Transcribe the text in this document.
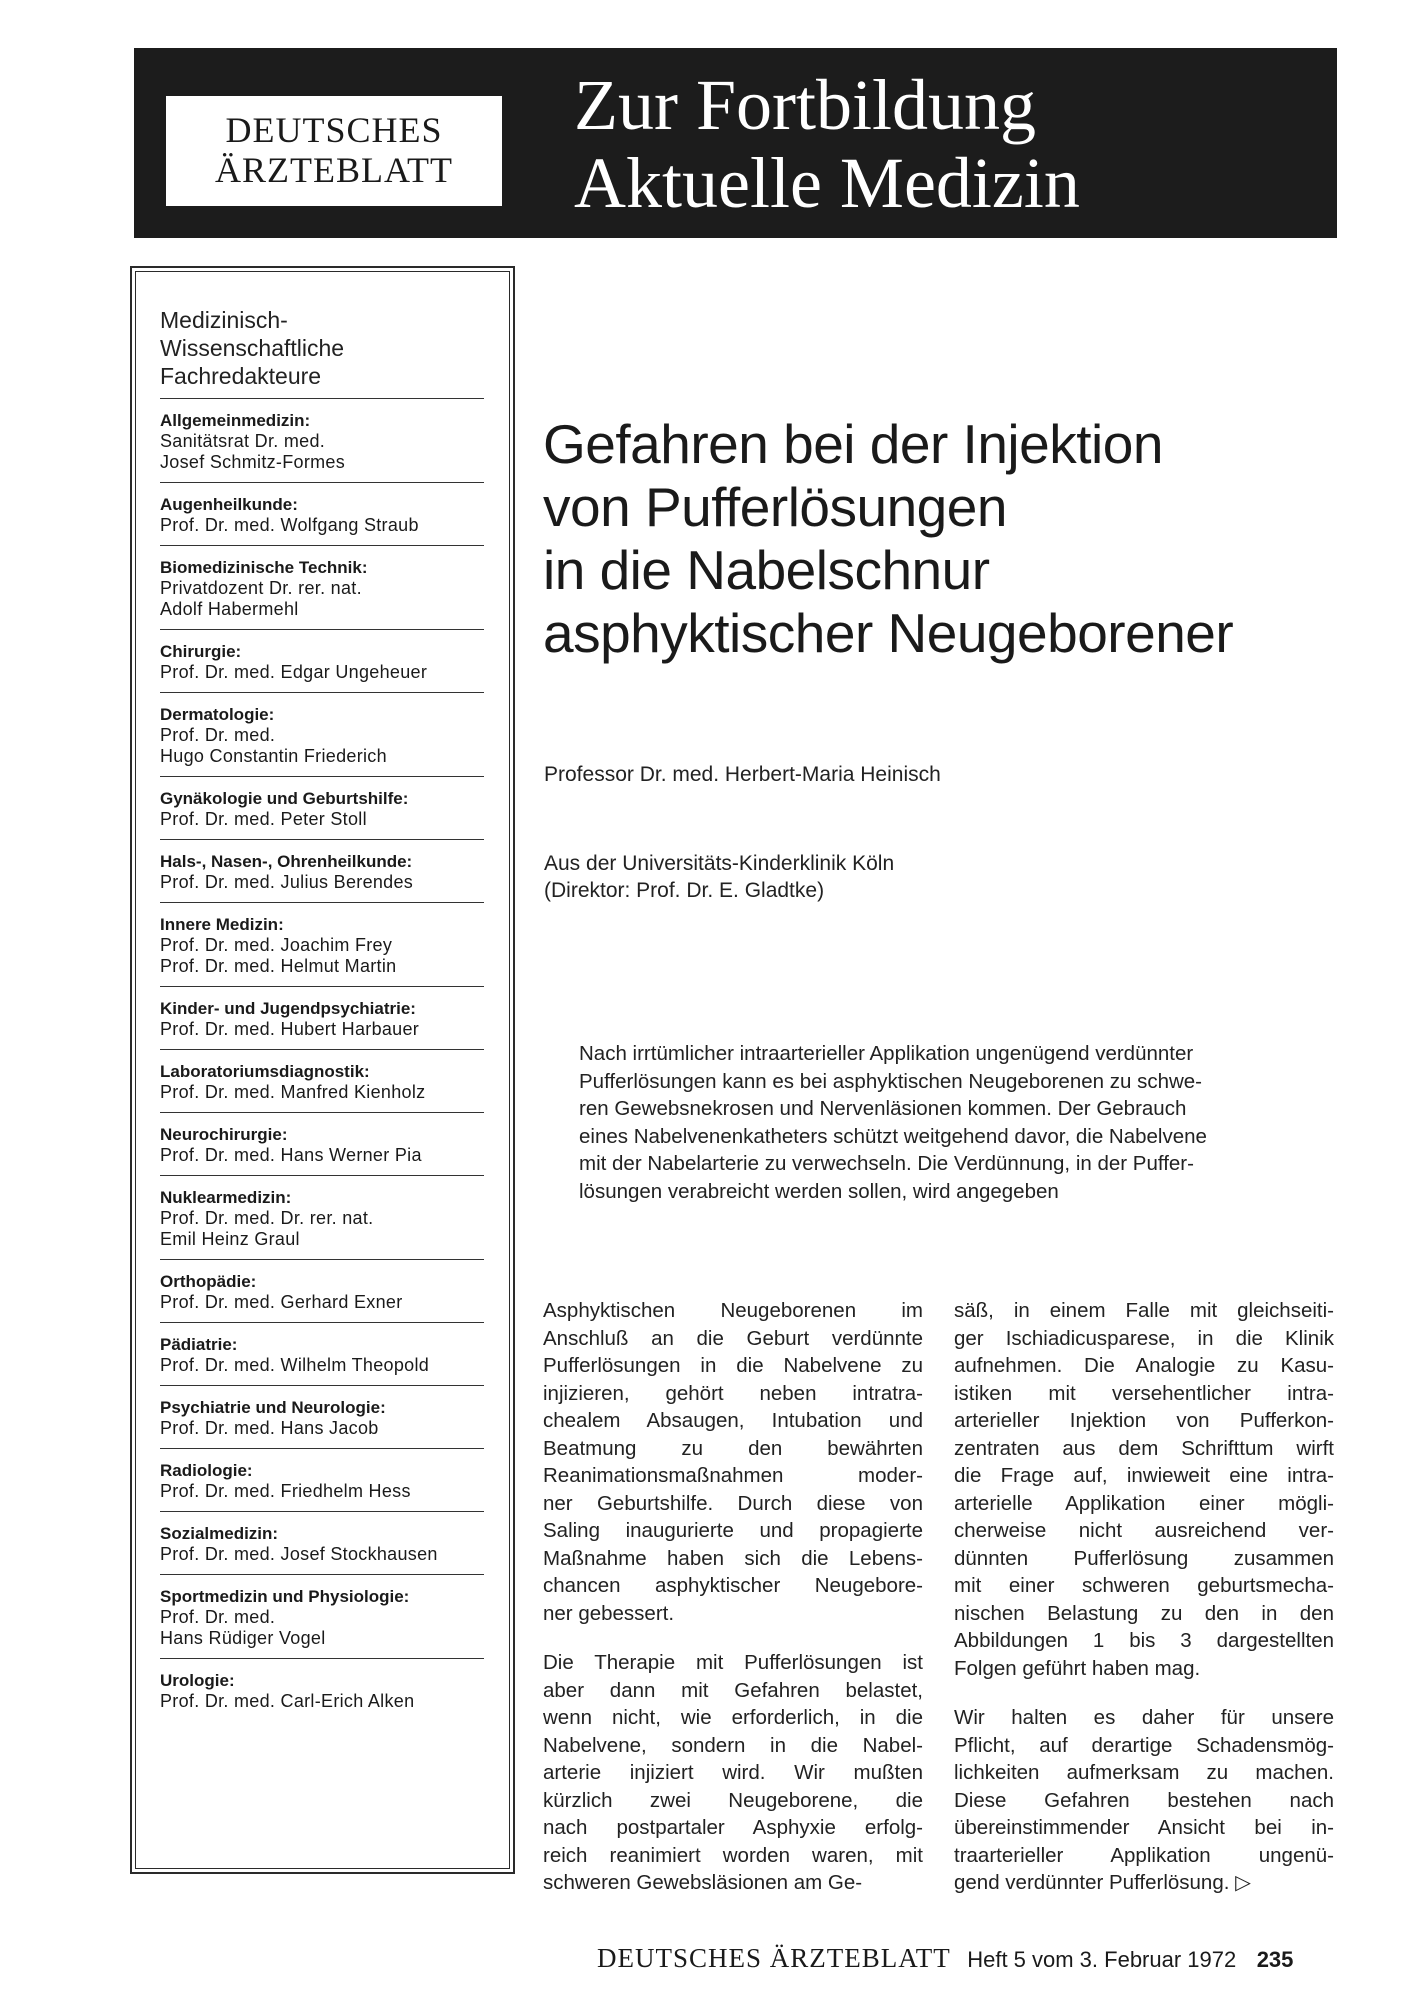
DEUTSCHES
ÄRZTEBLATT
Zur Fortbildung
Aktuelle Medizin
Medizinisch-
Wissenschaftliche
Fachredakteure
Allgemeinmedizin:
Sanitätsrat Dr. med.
Josef Schmitz-Formes
Augenheilkunde:
Prof. Dr. med. Wolfgang Straub
Biomedizinische Technik:
Privatdozent Dr. rer. nat.
Adolf Habermehl
Chirurgie:
Prof. Dr. med. Edgar Ungeheuer
Dermatologie:
Prof. Dr. med.
Hugo Constantin Friederich
Gynäkologie und Geburtshilfe:
Prof. Dr. med. Peter Stoll
Hals-, Nasen-, Ohrenheilkunde:
Prof. Dr. med. Julius Berendes
Innere Medizin:
Prof. Dr. med. Joachim Frey
Prof. Dr. med. Helmut Martin
Kinder- und Jugendpsychiatrie:
Prof. Dr. med. Hubert Harbauer
Laboratoriumsdiagnostik:
Prof. Dr. med. Manfred Kienholz
Neurochirurgie:
Prof. Dr. med. Hans Werner Pia
Nuklearmedizin:
Prof. Dr. med. Dr. rer. nat.
Emil Heinz Graul
Orthopädie:
Prof. Dr. med. Gerhard Exner
Pädiatrie:
Prof. Dr. med. Wilhelm Theopold
Psychiatrie und Neurologie:
Prof. Dr. med. Hans Jacob
Radiologie:
Prof. Dr. med. Friedhelm Hess
Sozialmedizin:
Prof. Dr. med. Josef Stockhausen
Sportmedizin und Physiologie:
Prof. Dr. med.
Hans Rüdiger Vogel
Urologie:
Prof. Dr. med. Carl-Erich Alken
Gefahren bei der Injektion
von Pufferlösungen
in die Nabelschnur
asphyktischer Neugeborener
Professor Dr. med. Herbert-Maria Heinisch
Aus der Universitäts-Kinderklinik Köln
(Direktor: Prof. Dr. E. Gladtke)
Nach irrtümlicher intraarterieller Applikation ungenügend verdünnter
Pufferlösungen kann es bei asphyktischen Neugeborenen zu schwe-
ren Gewebsnekrosen und Nervenläsionen kommen. Der Gebrauch
eines Nabelvenenkatheters schützt weitgehend davor, die Nabelvene
mit der Nabelarterie zu verwechseln. Die Verdünnung, in der Puffer-
lösungen verabreicht werden sollen, wird angegeben

Asphyktischen Neugeborenen im
Anschluß an die Geburt verdünnte
Pufferlösungen in die Nabelvene zu
injizieren, gehört neben intratra-
chealem Absaugen, Intubation und
Beatmung zu den bewährten
Reanimationsmaßnahmen moder-
ner Geburtshilfe. Durch diese von
Saling inaugurierte und propagierte
Maßnahme haben sich die Lebens-
chancen asphyktischer Neugebore-
ner gebessert.

Die Therapie mit Pufferlösungen ist
aber dann mit Gefahren belastet,
wenn nicht, wie erforderlich, in die
Nabelvene, sondern in die Nabel-
arterie injiziert wird. Wir mußten
kürzlich zwei Neugeborene, die
nach postpartaler Asphyxie erfolg-
reich reanimiert worden waren, mit
schweren Gewebsläsionen am Ge-

säß, in einem Falle mit gleichseiti-
ger Ischiadicusparese, in die Klinik
aufnehmen. Die Analogie zu Kasu-
istiken mit versehentlicher intra-
arterieller Injektion von Pufferkon-
zentraten aus dem Schrifttum wirft
die Frage auf, inwieweit eine intra-
arterielle Applikation einer mögli-
cherweise nicht ausreichend ver-
dünnten Pufferlösung zusammen
mit einer schweren geburtsmecha-
nischen Belastung zu den in den
Abbildungen 1 bis 3 dargestellten
Folgen geführt haben mag.

Wir halten es daher für unsere
Pflicht, auf derartige Schadensmög-
lichkeiten aufmerksam zu machen.
Diese Gefahren bestehen nach
übereinstimmender Ansicht bei in-
traarterieller Applikation ungenü-
gend verdünnter Pufferlösung. ▷

DEUTSCHES ÄRZTEBLATT Heft 5 vom 3. Februar 1972 235
